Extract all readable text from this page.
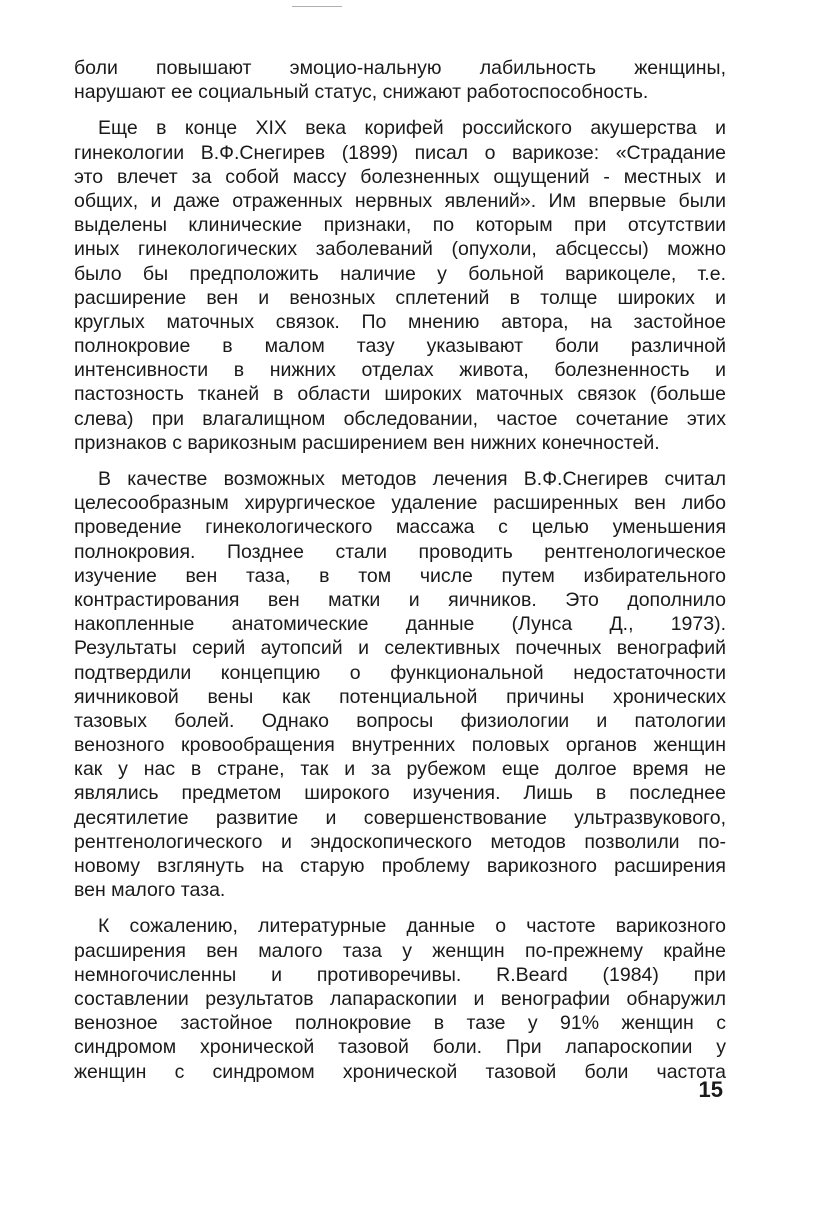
боли повышают эмоцио-нальную лабильность женщины,
нарушают ее социальный статус, снижают работоспособность.

Еще в конце XIX века корифей российского акушерства и
гинекологии В.Ф.Снегирев (1899) писал о варикозе: «Страдание
это влечет за собой массу болезненных ощущений - местных и
общих, и даже отраженных нервных явлений». Им впервые были
выделены клинические признаки, по которым при отсутствии
иных гинекологических заболеваний (опухоли, абсцессы) можно
было бы предположить наличие у больной варикоцеле, т.е.
расширение вен и венозных сплетений в толще широких и
круглых маточных связок. По мнению автора, на застойное
полнокровие в малом тазу указывают боли различной
интенсивности в нижних отделах живота, болезненность и
пастозность тканей в области широких маточных связок (больше
слева) при влагалищном обследовании, частое сочетание этих
признаков с варикозным расширением вен нижних конечностей.

В качестве возможных методов лечения В.Ф.Снегирев считал
целесообразным хирургическое удаление расширенных вен либо
проведение гинекологического массажа с целью уменьшения
полнокровия. Позднее стали проводить рентгенологическое
изучение вен таза, в том числе путем избирательного
контрастирования вен матки и яичников. Это дополнило
накопленные анатомические данные (Лунса Д., 1973).
Результаты серий аутопсий и селективных почечных венографий
подтвердили концепцию о функциональной недостаточности
яичниковой вены как потенциальной причины хронических
тазовых болей. Однако вопросы физиологии и патологии
венозного кровообращения внутренних половых органов женщин
как у нас в стране, так и за рубежом еще долгое время не
являлись предметом широкого изучения. Лишь в последнее
десятилетие развитие и совершенствование ультразвукового,
рентгенологического и эндоскопического методов позволили по-
новому взглянуть на старую проблему варикозного расширения
вен малого таза.

К сожалению, литературные данные о частоте варикозного
расширения вен малого таза у женщин по-прежнему крайне
немногочисленны и противоречивы. R.Beard (1984) при
составлении результатов лапараскопии и венографии обнаружил
венозное застойное полнокровие в тазе у 91% женщин с
синдромом хронической тазовой боли. При лапароскопии у
женщин с синдромом хронической тазовой боли частота

15
